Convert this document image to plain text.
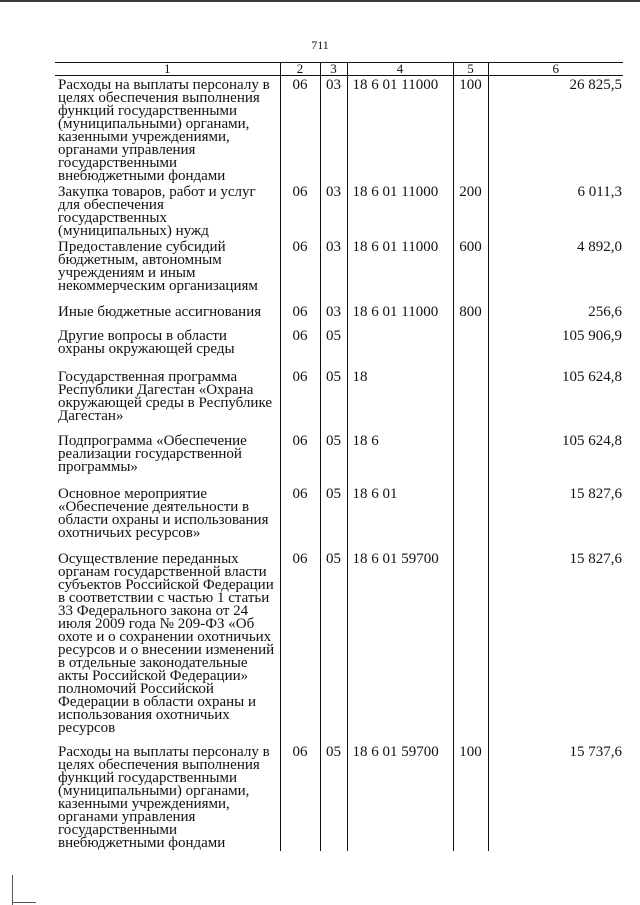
711
1	2	3	4	5	6
Расходы на выплаты персоналу в целях обеспечения выполнения функций государственными (муниципальными) органами, казенными учреждениями, органами управления государственными внебюджетными фондами	06	03	18 6 01 11000	100	26 825,5
Закупка товаров, работ и услуг для обеспечения государственных (муниципальных) нужд	06	03	18 6 01 11000	200	6 011,3
Предоставление субсидий бюджетным, автономным учреждениям и иным некоммерческим организациям	06	03	18 6 01 11000	600	4 892,0
Иные бюджетные ассигнования	06	03	18 6 01 11000	800	256,6
Другие вопросы в области охраны окружающей среды	06	05			105 906,9
Государственная программа Республики Дагестан «Охрана окружающей среды в Республике Дагестан»	06	05	18		105 624,8
Подпрограмма «Обеспечение реализации государственной программы»	06	05	18 6		105 624,8
Основное мероприятие «Обеспечение деятельности в области охраны и использования охотничьих ресурсов»	06	05	18 6 01		15 827,6
Осуществление переданных органам государственной власти субъектов Российской Федерации в соответствии с частью 1 статьи 33 Федерального закона от 24 июля 2009 года № 209-ФЗ «Об охоте и о сохранении охотничьих ресурсов и о внесении изменений в отдельные законодательные акты Российской Федерации» полномочий Российской Федерации в области охраны и использования охотничьих ресурсов	06	05	18 6 01 59700		15 827,6
Расходы на выплаты персоналу в целях обеспечения выполнения функций государственными (муниципальными) органами, казенными учреждениями, органами управления государственными внебюджетными фондами	06	05	18 6 01 59700	100	15 737,6
